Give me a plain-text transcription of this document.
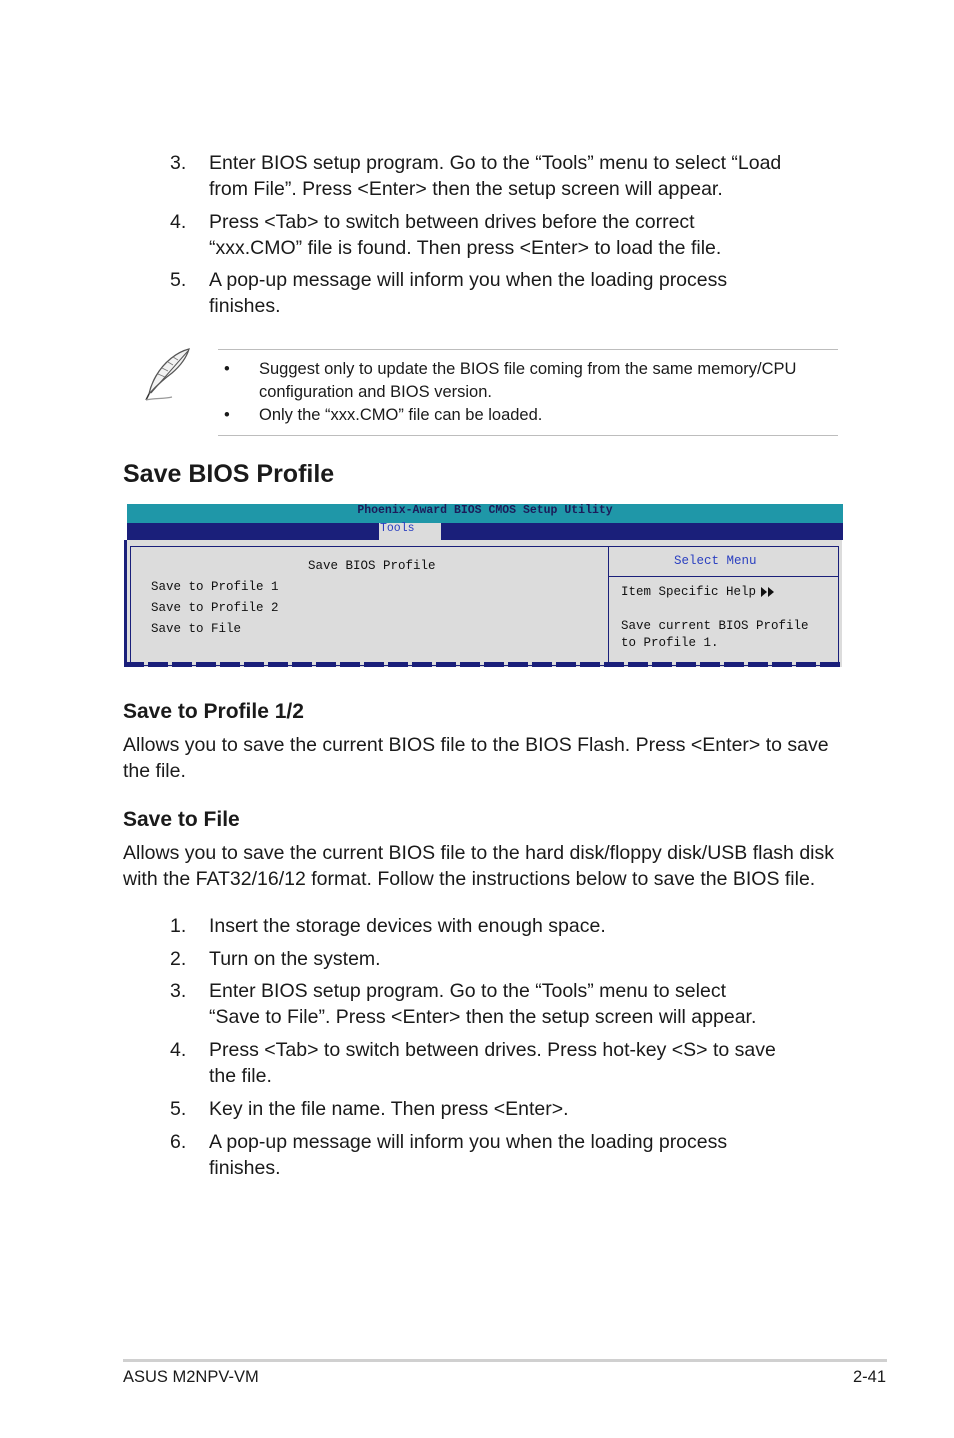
3.	Enter BIOS setup program. Go to the “Tools” menu to select “Load from File”. Press <Enter> then the setup screen will appear.
4.	Press <Tab> to switch between drives before the correct “xxx.CMO” file is found. Then press <Enter> to load the file.
5.	A pop-up message will inform you when the loading process finishes.
• Suggest only to update the BIOS file coming from the same memory/CPU configuration and BIOS version.
• Only the “xxx.CMO” file can be loaded.
Save BIOS Profile
Phoenix-Award BIOS CMOS Setup Utility
Tools
Save BIOS Profile
Save to Profile 1
Save to Profile 2
Save to File
Select Menu
Item Specific Help
Save current BIOS Profile
to Profile 1.
Save to Profile 1/2
Allows you to save the current BIOS file to the BIOS Flash. Press <Enter> to save the file.
Save to File
Allows you to save the current BIOS file to the hard disk/floppy disk/USB flash disk with the FAT32/16/12 format. Follow the instructions below to save the BIOS file.
1.	Insert the storage devices with enough space.
2.	Turn on the system.
3.	Enter BIOS setup program. Go to the “Tools” menu to select “Save to File”. Press <Enter> then the setup screen will appear.
4.	Press <Tab> to switch between drives. Press hot-key <S> to save the file.
5.	Key in the file name. Then press <Enter>.
6.	A pop-up message will inform you when the loading process finishes.
ASUS M2NPV-VM	2-41
